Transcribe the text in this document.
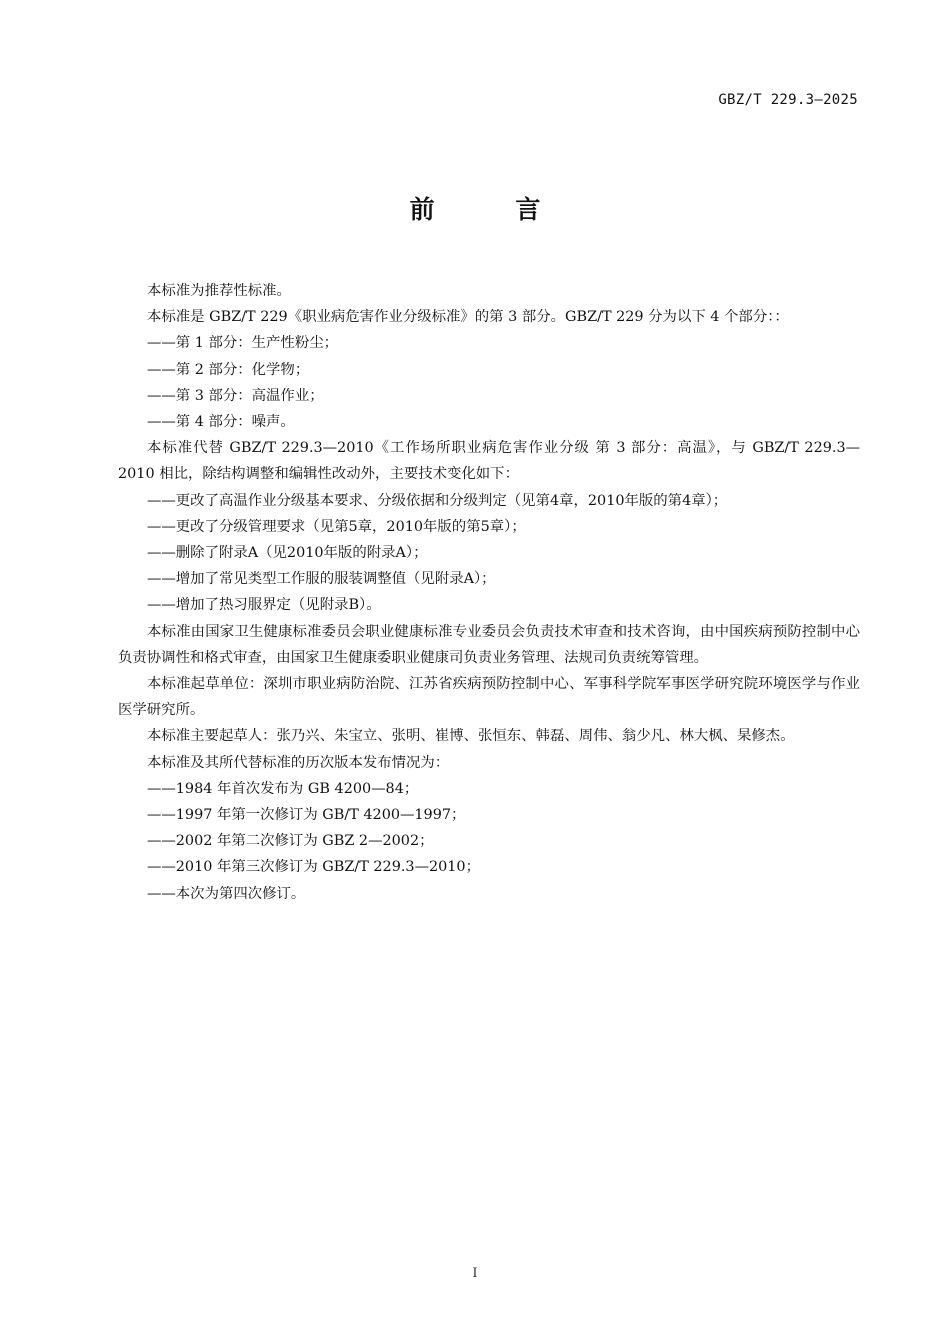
GBZ/T 229.3—2025
前 言

本标准为推荐性标准。

本标准是 GBZ/T 229《职业病危害作业分级标准》的第 3 部分。GBZ/T 229 分为以下 4 个部分：：

——第 1 部分：生产性粉尘；

——第 2 部分：化学物；

——第 3 部分：高温作业；

——第 4 部分：噪声。

本标准代替 GBZ/T 229.3—2010《工作场所职业病危害作业分级 第 3 部分：高温》，与 GBZ/T 229.3—2010 相比，除结构调整和编辑性改动外，主要技术变化如下：

——更改了高温作业分级基本要求、分级依据和分级判定（见第4章，2010年版的第4章）；

——更改了分级管理要求（见第5章，2010年版的第5章）；

——删除了附录A（见2010年版的附录A）；

——增加了常见类型工作服的服装调整值（见附录A）；

——增加了热习服界定（见附录B）。

本标准由国家卫生健康标准委员会职业健康标准专业委员会负责技术审查和技术咨询，由中国疾病预防控制中心负责协调性和格式审查，由国家卫生健康委职业健康司负责业务管理、法规司负责统筹管理。

本标准起草单位：深圳市职业病防治院、江苏省疾病预防控制中心、军事科学院军事医学研究院环境医学与作业医学研究所。

本标准主要起草人：张乃兴、朱宝立、张明、崔博、张恒东、韩磊、周伟、翁少凡、林大枫、杲修杰。

本标准及其所代替标准的历次版本发布情况为：

——1984 年首次发布为 GB 4200—84；

——1997 年第一次修订为 GB/T 4200—1997；

——2002 年第二次修订为 GBZ 2—2002；

——2010 年第三次修订为 GBZ/T 229.3—2010；

——本次为第四次修订。

I
